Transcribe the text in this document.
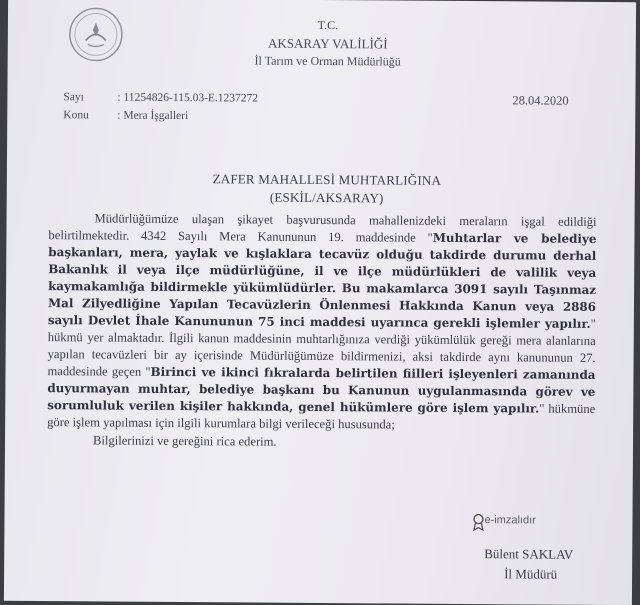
T.C.
AKSARAY VALİLİĞİ
İl Tarım ve Orman Müdürlüğü
Sayı	: 11254826-115.03-E.1237272
Konu : Mera İşgalleri
28.04.2020
ZAFER MAHALLESİ MUHTARLIĞINA
(ESKİL/AKSARAY)

Müdürlüğümüze ulaşan şikayet başvurusunda mahallenizdeki meraların işgal edildiği belirtilmektedir. 4342 Sayılı Mera Kanununun 19. maddesinde "Muhtarlar ve belediye başkanları, mera, yaylak ve kışlaklara tecavüz olduğu takdirde durumu derhal Bakanlık il veya ilçe müdürlüğüne, il ve ilçe müdürlükleri de valilik veya kaymakamlığa bildirmekle yükümlüdürler. Bu makamlarca 3091 sayılı Taşınmaz Mal Zilyedliğine Yapılan Tecavüzlerin Önlenmesi Hakkında Kanun veya 2886 sayılı Devlet İhale Kanununun 75 inci maddesi uyarınca gerekli işlemler yapılır." hükmü yer almaktadır. İlgili kanun maddesinin muhtarlığınıza verdiği yükümlülük gereği mera alanlarına yapılan tecavüzleri bir ay içerisinde Müdürlüğümüze bildirmenizi, aksi takdirde aynı kanununun 27. maddesinde geçen "Birinci ve ikinci fıkralarda belirtilen fiilleri işleyenleri zamanında duyurmayan muhtar, belediye başkanı bu Kanunun uygulanmasında görev ve sorumluluk verilen kişiler hakkında, genel hükümlere göre işlem yapılır." hükmüne göre işlem yapılması için ilgili kurumlara bilgi verileceği hususunda;

Bilgilerinizi ve gereğini rica ederim.

e-imzalıdır
Bülent SAKLAV
İl Müdürü
